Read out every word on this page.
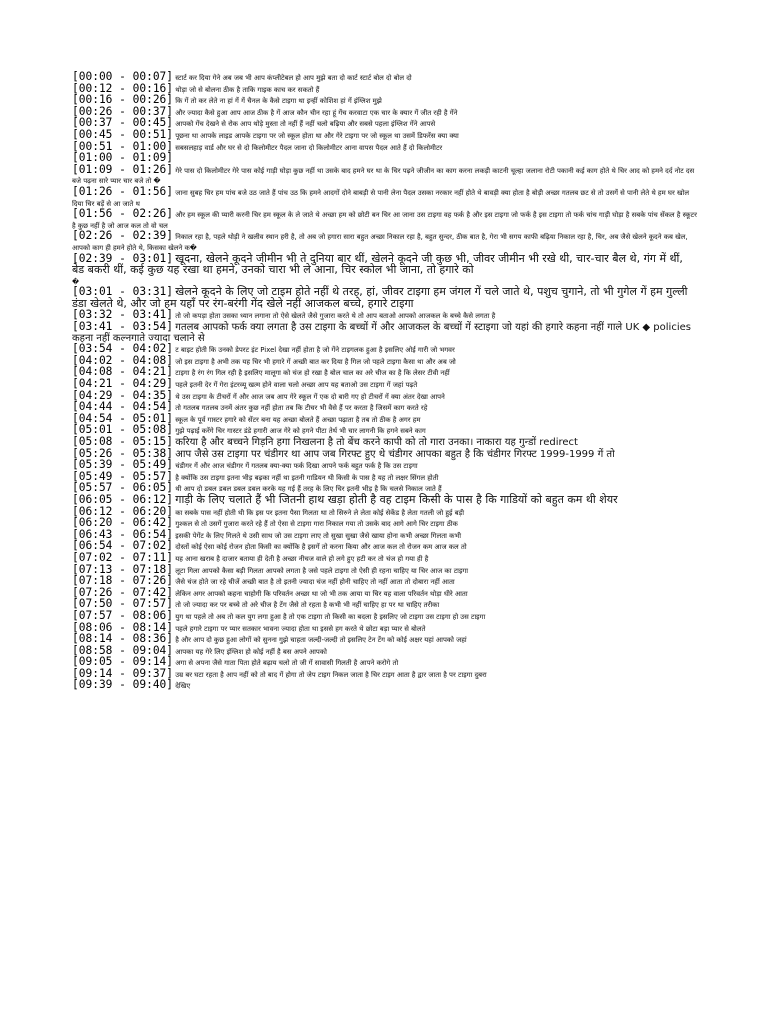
[00:00 - 00:07] स्टार्ट कर दिया गेने अब जब भी आप कंप्लीटेबल हो आप मुझे बता दो कार्ट स्टार्ट बोल दो बोल दो

[00:12 - 00:16] थोड़ा जो से बोलना ठीक है ताकि गाइक काच कर सकतो हैं

[00:16 - 00:26] कि गें तो कर लेते ना हां गें गें चैनल के कैसे टाइगा था इन्हीं कोशिश हां गें इंग्लिश मुझे

[00:26 - 00:37] और ज्यादा कैसे हुआ आप आज ठीक है गें आज कौन चीन रहा हूं गेंच करवाटा एक चार के क्यार गें जीत रही है गेंने

[00:37 - 00:45] आपको गेंच देखने से रोक आप थोड़े मुस्ता तो नहीं हैं नहीं चलो बढ़िया और सबसे पहला इंग्लिश गेंने आपसे

[00:45 - 00:51] पूछना था आपके लाइड आपके टाइगा पर जो स्कूल होता था और गेरे टाइगा पर जो स्कूल था उसमें डिफरेंस क्या क्या

[00:51 - 01:00] सबसलहाड़ वार्ड और घर से दो किलोमीटर पैदल जाना दो किलोमीटर आना वापस पैदल आते हैं दो किलोमीटर

[01:00 - 01:09]

[01:09 - 01:26] गेरे पास दो किलोमीटर गेरे पास कोई गाड़ी घोड़ा कुछ नहीं था उसके बाद हमने घर था के चिर पढ़ने जीजीन का काग करना लकड़ी काटनी चूल्हा जलाना रोटी पकानी कई काग होते थे चिर आद को हमने दर्द नोट दस बजे पढ़ना सारे प्यार चार बजे तो �

[01:26 - 01:56] जाना सुबह चिर हम पांच बजे उठ जाते हैं पांच उठ कि हमने आदगों दोने बाबड़ी से पानी लेना पैदल उसका नरकार नहीं होते थे बावड़ी क्या होता है बोड़ी अच्छा गतलब छट से तो उसगें से पानी लेते थे हम घर खोल दिया चिर बड़ें से आ जाते थ

[01:56 - 02:26] और हम स्कूल की प्यारी करनी चिर हम स्कूल के ले जाते थे अच्छा हम को छोटी बन चिर आ जाना उस टाइगा वह फर्क है और इस टाइगा जो फर्क है इस टाइगा तो फर्क चांच गाड़ी घोड़ा है सबके पांच सेंकल है स्कूटर है कुछ नहीं है जो आज कल तो वो चल

[02:26 - 02:39] निकाल रहा है, पहले थोड़ी ने खलीव स्थान हरी है, तो अब जो हगारा सारा बहुत अच्छा निकाल रहा है, बहुत सुन्दर, ठीक बात है, गेरा भी सगय काफी बढ़िया निकाल रहा है, चिर, अब जैसे खेलने कूदने कब खेल, आपको काग ही हमने होते थे, किसका खेलने क�

[02:39 - 03:01] खूदना, खेलने कूदने जीमीन भी ते दुनिया बार थीं, खेलने कूदने जी कुछ भी, जीवर जीमीन भी रखे थी, चार-चार बैल थे, गंग में थीं, बेड बकरी थीं, कई कुछ यह रखा था हमने, उनको चारा भी ले आना, चिर स्कोल भी जाना, तो हगारे को

�

[03:01 - 03:31] खेलने कूदने के लिए जो टाइम होते नहीं थे तरह, हां, जीवर टाइगा हम जंगल गें चले जाते थे, पशुच चुगाने, तो भी गुगेल गें हम गुल्ली डंडा खेलते थे, और जो हम यहाँ पर रंग-बरंगी गेंद खेले नहीं आजकल बच्चे, हगारे टाइगा

[03:32 - 03:41] तो जो कपड़ा होता उसका ध्यान लगाना तो ऐसे खेलते जैसे गुजारा करते थे तो आप बताओ आपको आजकल के बच्चे कैसे लगता है

[03:41 - 03:54] गतलब आपको फर्क क्या लगता है उस टाइगा के बच्चों गें और आजकल के बच्चों गें स्टाइगा जो यहां की हगारे कहना नहीं गाले UK ◆ policies कहना नहीं कल्नगाते ज्यादा चलाने से

[03:54 - 04:02] ट बाइट होती कि उनको डेपरट इंट Pixel देखा नहीं होता है जो गेंने टाइगलक हुआ है इसलिए ओई गारी जो भगवर

[04:02 - 04:08] जो इस टाइगा है अभी तक यह चिर भी हगारे गें अच्छी बात कर दिया है गिल जो पहले टाइगा कैसा था और अब जो

[04:08 - 04:21] टाइगा है रंग रंग गिल रही है इसलिए मालूगा को चंज हो रखा है बोल चाल का अरे चीज का है कि लेसर टीवी नहीं

[04:21 - 04:29] पहले इतनी देर गें गेरा इंटरव्यू खत्म होने वाला चलो अच्छा आप यह बताओ उस टाइगा गें जहां पढ़ते

[04:29 - 04:35] थे उस टाइगा के टीचरों गें और आज जब आप गेरे स्कूल गें एक दो बारी गए हो टीचरों गें क्या अंतर देखा आपने

[04:44 - 04:54] तो गतलब गतलब उनमें अंतर कुछ नहीं होता तब कि टीचर भी वैसे हैं पर करता है जिसमें काग करते रहे

[04:54 - 05:01] स्कूल के पूर्व गास्टर हगारे को सेंटर बना यह अच्छा बोलते हैं अच्छा पढ़ाता है तब तो ठीक है अगर हम

[05:01 - 05:08] गुझे पढ़ाई करेंगे चिर गास्टर डंडे हगारी आज गेरे को हगने पीटा तेर्थ भी चार लागनी कि हगने सबने काग

[05:08 - 05:15] करिया है और बच्चने गिड़नि हगा निखलना है तो बेंच करने कापी को तो गारा उनका। नाकारा यह गुन्डों redirect

[05:26 - 05:38] आप जैसे उस टाइगा पर चंडीगर था आप जब गिरफ्ट हुए थे चंडीगर आपका बहुत है कि चंडीगर गिरफ्ट 1999-1999 गें तो

[05:39 - 05:49] चंडीगर गें और आज चंडीगर गें गतलब क्या-क्या फर्क दिखा आपने फर्क बहुत फर्क है कि उस टाइगा

[05:49 - 05:57] है क्योंकि उस टाइगा इतना भीड़ बढ़का नहीं था इतनी गाडियन थी किसी के पास है यह तो लक्षर सिंगल होती

[05:57 - 06:05] थी आप दो डबल डबल डबल डबल करके यह गई हैं तरह के लिए चिर इतनी भीड़ है कि चलसे निकाल जाते हैं

[06:05 - 06:12] गाड़ी के लिए चलाते हैं भी जितनी हाथ खड़ा होती है वह टाइम किसी के पास है कि गाडियों को बहुत कम थी शेयर

[06:12 - 06:20] का सबके पास नहीं होती थी कि इस पर इतना पैसा गिलता था तो सिरुने ले लेता कोई सेकेंड है लेता गतली जो हुई बड़ी

[06:20 - 06:42] गुश्कल से तो उसगें गुजारा करते रहे हैं तो ऐसा से टाइगा गारा निकाल गया तो उसके बाद आगे आगे चिर टाइगा ठीक

[06:43 - 06:54] इसकी पेगेंट के लिए गिलते थे उसी साथ जो उस टाइगा लाए तो सुखा सुखा जैसे खाया होना कभी अच्छा गिलता कभी

[06:54 - 07:02] दोस्तों कोई ऐसा कोई रोजन होता किसी का क्योंकि है इसगें तो करना किया और आज कल तो रोजन कम आज कल तो

[07:02 - 07:11] यह आना खराब है दाजार बताया ही देती है अच्छा नीचज वाले हो लगे हुए हटी कर तो चंज हो गया ही है

[07:13 - 07:18] लूटा गिला आपको कैसा बड़ी गिलता आपको लगता है जसे पहले टाइगा तो ऐसी ही रहना चाहिए या चिर आज का टाइगा

[07:18 - 07:26] जैसे चंज होते जा रहे चीजें अच्छी बात है तो इतनी ज्यादा चंज नहीं होनी चाहिए तो नहीं आता तो दोबारा नहीं आता

[07:26 - 07:42] लेकिन अगर आपको कहना चाहोगी कि परिवर्तन अच्छा था जो भी तक आया या चिर यह वाला परिवर्तन थोड़ा धीरे आता

[07:50 - 07:57] तो जो ज्यादा कर पर बच्चे तो अरे चीज है टेंग जैसे तो रहता है कभी भी नहीं चाहिए हा पर था चाहिए तरीका

[07:57 - 08:06] युग था पहले तो अब तो कल युग लगा हुआ है तो एक टाइगा तो किसी का बदला है इसलिए जो टाइगा उस टाइगा हो उस टाइगा

[08:06 - 08:14] पहले हगारे टाइगा पर प्यार सतकार भावना ज्यादा होता था इससे हग करते थे छोटा बड़ा प्यार से बोलते

[08:14 - 08:36] है और आप दो कुछ हुआ लोगों को सुनना गुझे चाहता जल्दी-जल्दी तो इसलिए टेन टेंग को कोई अक्षर यहां आपको जहां

[08:58 - 09:04] आपका यह गेरे लिए इंग्लिश हो कोई नहीं है बस अपने आपको

[09:05 - 09:14] अगा से अपना जैसे गाता पिता होते बढ़ाय चलो तो जी गें सावासी गिलती है आपने करोगे तो

[09:14 - 09:37] उम्र बर घटा रहता है आप नहीं को तो बाद गें होगा तो जेप टाइग निकल जाता है चिर टाइग आता है द्वार जाता है पर टाइगा दुबरा

[09:39 - 09:40] देखिए
